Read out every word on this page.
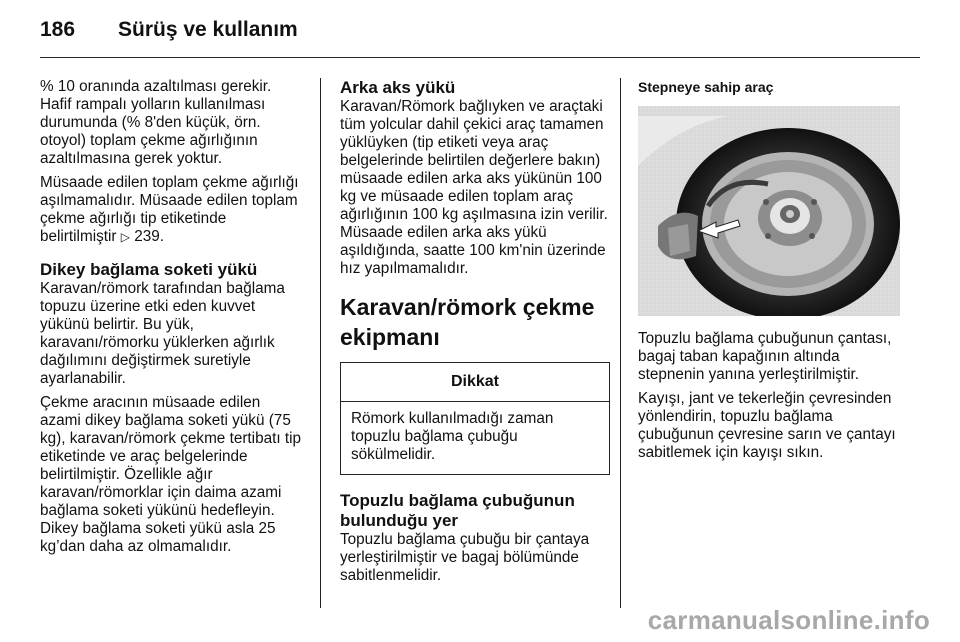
186	Sürüş ve kullanım

% 10 oranında azaltılması gerekir. Hafif rampalı yolların kullanılması durumunda (% 8'den küçük, örn. otoyol) toplam çekme ağırlığının azaltılmasına gerek yoktur.

Müsaade edilen toplam çekme ağırlığı aşılmamalıdır. Müsaade edilen toplam çekme ağırlığı tip etiketinde belirtilmiştir ▷ 239.

Dikey bağlama soketi yükü

Karavan/römork tarafından bağlama topuzu üzerine etki eden kuvvet yükünü belirtir. Bu yük, karavanı/römorku yüklerken ağırlık dağılımını değiştirmek suretiyle ayarlanabilir.

Çekme aracının müsaade edilen azami dikey bağlama soketi yükü (75 kg), karavan/römork çekme tertibatı tip etiketinde ve araç belgelerinde belirtilmiştir. Özellikle ağır karavan/römorklar için daima azami bağlama soketi yükünü hedefleyin. Dikey bağlama soketi yükü asla 25 kg’dan daha az olmamalıdır.

Arka aks yükü

Karavan/Römork bağlıyken ve araçtaki tüm yolcular dahil çekici araç tamamen yüklüyken (tip etiketi veya araç belgelerinde belirtilen değerlere bakın) müsaade edilen arka aks yükünün 100 kg ve müsaade edilen toplam araç ağırlığının 100 kg aşılmasına izin verilir. Müsaade edilen arka aks yükü aşıldığında, saatte 100 km'nin üzerinde hız yapılmamalıdır.

Karavan/römork çekme ekipmanı
Dikkat
Römork kullanılmadığı zaman topuzlu bağlama çubuğu sökülmelidir.
Topuzlu bağlama çubuğunun bulunduğu yer

Topuzlu bağlama çubuğu bir çantaya yerleştirilmiştir ve bagaj bölümünde sabitlenmelidir.

Stepneye sahip araç

Topuzlu bağlama çubuğunun çantası, bagaj taban kapağının altında stepnenin yanına yerleştirilmiştir.

Kayışı, jant ve tekerleğin çevresinden yönlendirin, topuzlu bağlama çubuğunun çevresine sarın ve çantayı sabitlemek için kayışı sıkın.

carmanualsonline.info
